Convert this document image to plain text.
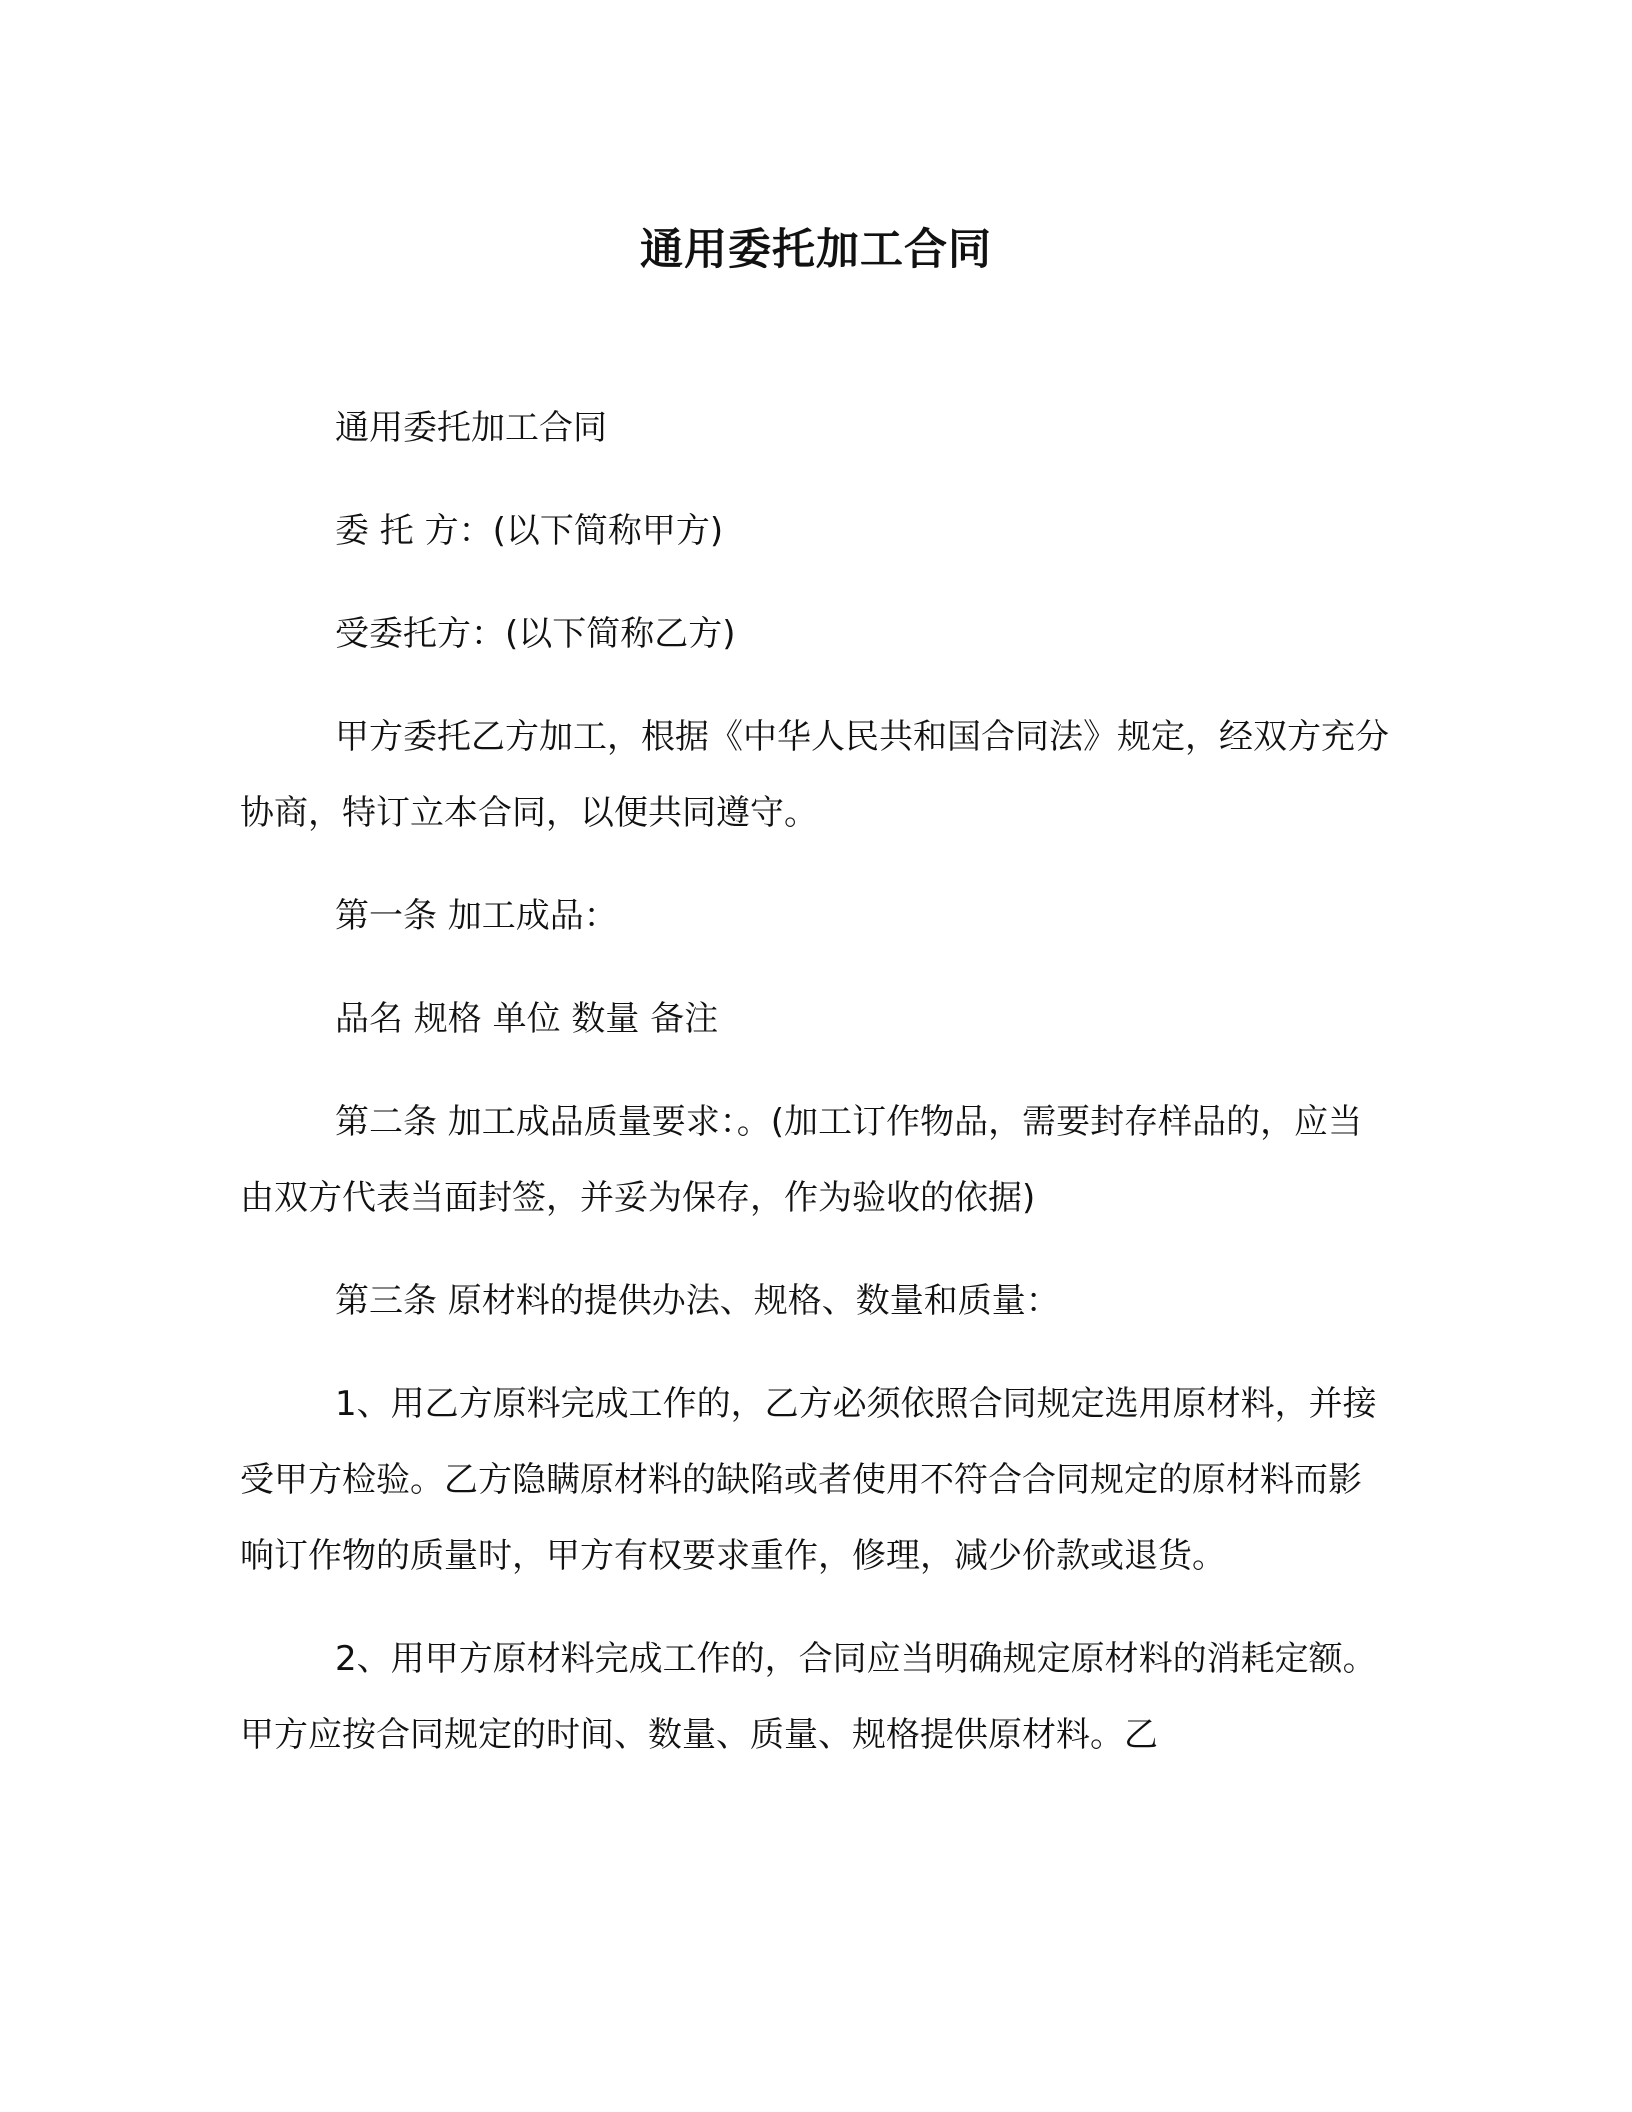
通用委托加工合同

通用委托加工合同

委 托 方：(以下简称甲方)

受委托方：(以下简称乙方)

甲方委托乙方加工，根据《中华人民共和国合同法》规定，经双方充分协商，特订立本合同，以便共同遵守。

第一条 加工成品：

品名 规格 单位 数量 备注

第二条 加工成品质量要求：。(加工订作物品，需要封存样品的，应当由双方代表当面封签，并妥为保存，作为验收的依据)

第三条 原材料的提供办法、规格、数量和质量：

1、用乙方原料完成工作的，乙方必须依照合同规定选用原材料，并接受甲方检验。乙方隐瞒原材料的缺陷或者使用不符合合同规定的原材料而影响订作物的质量时，甲方有权要求重作，修理，减少价款或退货。

2、用甲方原材料完成工作的，合同应当明确规定原材料的消耗定额。甲方应按合同规定的时间、数量、质量、规格提供原材料。乙
